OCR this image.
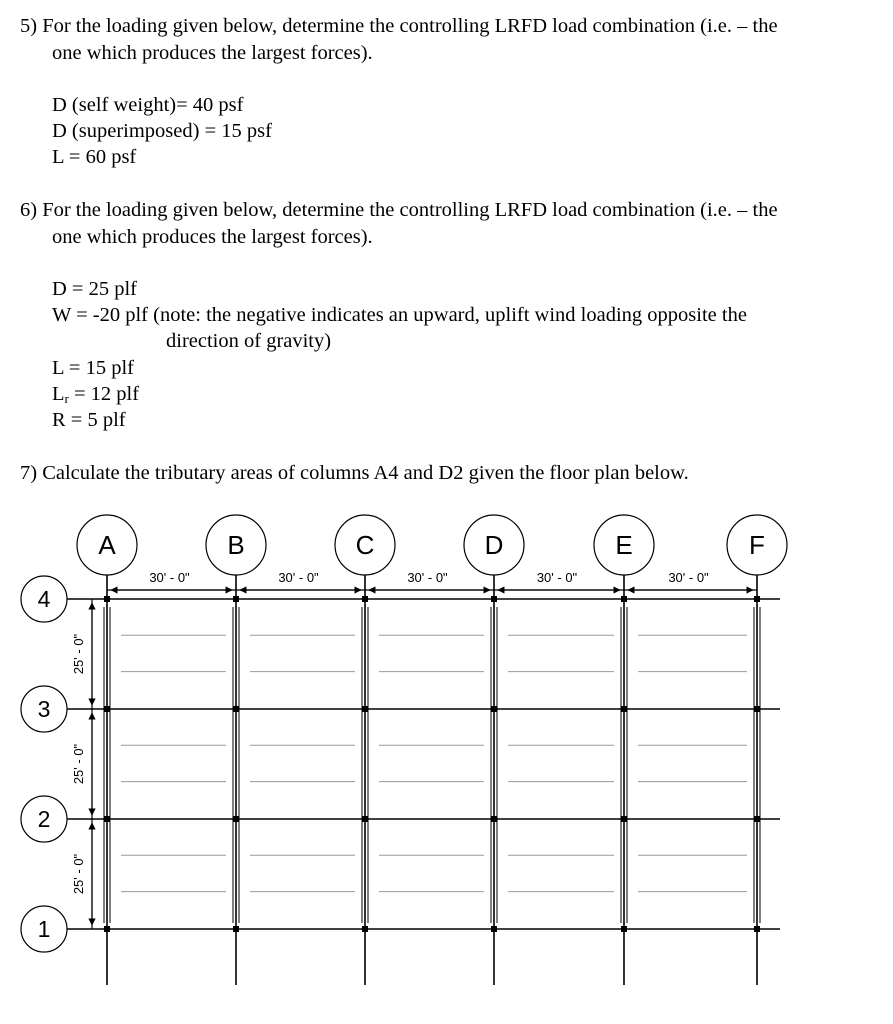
5) For the loading given below, determine the controlling LRFD load combination (i.e. – the
one which produces the largest forces).
D (self weight)= 40 psf
D (superimposed) = 15 psf
L = 60 psf
6) For the loading given below, determine the controlling LRFD load combination (i.e. – the
one which produces the largest forces).
D = 25 plf
W = -20 plf (note: the negative indicates an upward, uplift wind loading opposite the
direction of gravity)
L = 15 plf
$L_r = 12$ plf
R = 5 plf
7) Calculate the tributary areas of columns A4 and D2 given the floor plan below.
30' - 0"	30' - 0"	30' - 0"	30' - 0"	30' - 0"
25' - 0"
25' - 0"
25' - 0"
A	B	C	D	E	F
4
3
2
1
